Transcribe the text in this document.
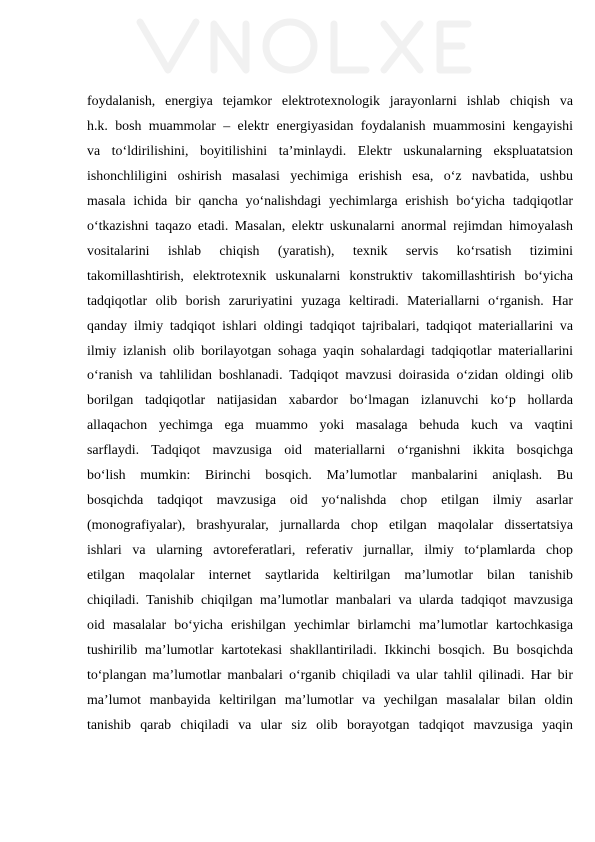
foydalanish, energiya tejamkor elektrotexnologik jarayonlarni ishlab chiqish va

h.k. bosh muammolar – elektr energiyasidan foydalanish muammosini kengayishi

va to‘ldirilishini, boyitilishini ta’minlaydi. Elektr uskunalarning ekspluatatsion

ishonchliligini oshirish masalasi yechimiga erishish esa, o‘z navbatida, ushbu

masala ichida bir qancha yo‘nalishdagi yechimlarga erishish bo‘yicha tadqiqotlar

o‘tkazishni taqazo etadi. Masalan, elektr uskunalarni anormal rejimdan himoyalash

vositalarini ishlab chiqish (yaratish), texnik servis ko‘rsatish tizimini

takomillashtirish, elektrotexnik uskunalarni konstruktiv takomillashtirish bo‘yicha

tadqiqotlar olib borish zaruriyatini yuzaga keltiradi. Materiallarni o‘rganish. Har

qanday ilmiy tadqiqot ishlari oldingi tadqiqot tajribalari, tadqiqot materiallarini va

ilmiy izlanish olib borilayotgan sohaga yaqin sohalardagi tadqiqotlar materiallarini

o‘ranish va tahlilidan boshlanadi. Tadqiqot mavzusi doirasida o‘zidan oldingi olib

borilgan tadqiqotlar natijasidan xabardor bo‘lmagan izlanuvchi ko‘p hollarda

allaqachon yechimga ega muammo yoki masalaga behuda kuch va vaqtini

sarflaydi. Tadqiqot mavzusiga oid materiallarni o‘rganishni ikkita bosqichga

bo‘lish mumkin: Birinchi bosqich. Ma’lumotlar manbalarini aniqlash. Bu

bosqichda tadqiqot mavzusiga oid yo‘nalishda chop etilgan ilmiy asarlar

(monografiyalar), brashyuralar, jurnallarda chop etilgan maqolalar dissertatsiya

ishlari va ularning avtoreferatlari, referativ jurnallar, ilmiy to‘plamlarda chop

etilgan maqolalar internet saytlarida keltirilgan ma’lumotlar bilan tanishib

chiqiladi. Tanishib chiqilgan ma’lumotlar manbalari va ularda tadqiqot mavzusiga

oid masalalar bo‘yicha erishilgan yechimlar birlamchi ma’lumotlar kartochkasiga

tushirilib ma’lumotlar kartotekasi shakllantiriladi. Ikkinchi bosqich. Bu bosqichda

to‘plangan ma’lumotlar manbalari o‘rganib chiqiladi va ular tahlil qilinadi. Har bir

ma’lumot manbayida keltirilgan ma’lumotlar va yechilgan masalalar bilan oldin

tanishib qarab chiqiladi va ular siz olib borayotgan tadqiqot mavzusiga yaqin
